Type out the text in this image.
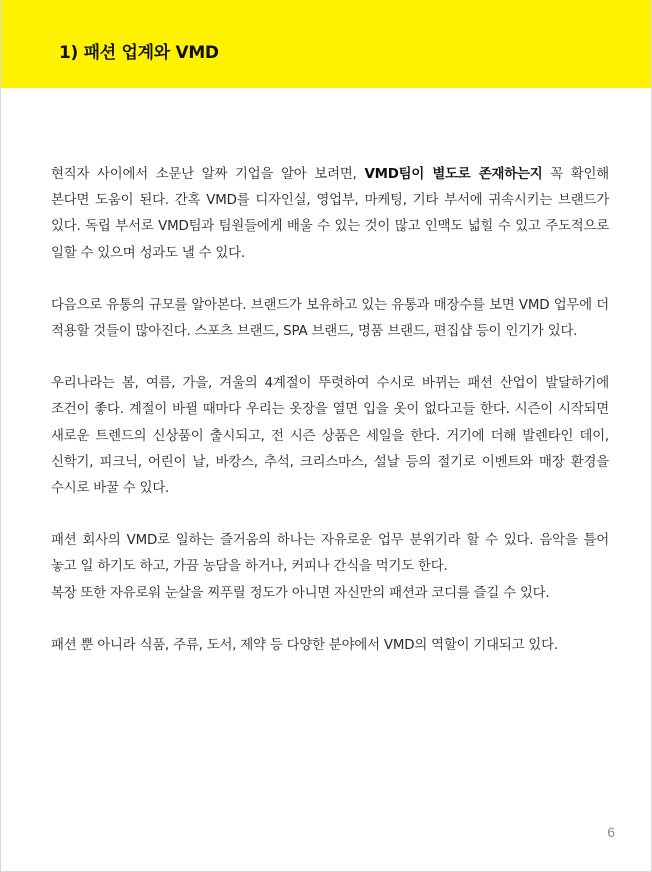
1) 패션 업계와 VMD

현직자 사이에서 소문난 알짜 기업을 알아 보려면, VMD팀이 별도로 존재하는지 꼭 확인해 본다면 도움이 된다. 간혹 VMD를 디자인실, 영업부, 마케팅, 기타 부서에 귀속시키는 브랜드가 있다. 독립 부서로 VMD팀과 팀원들에게 배울 수 있는 것이 많고 인맥도 넓힐 수 있고 주도적으로 일할 수 있으며 성과도 낼 수 있다.

다음으로 유통의 규모를 알아본다. 브랜드가 보유하고 있는 유통과 매장수를 보면 VMD 업무에 더 적용할 것들이 많아진다. 스포츠 브랜드, SPA 브랜드, 명품 브랜드, 편집샵 등이 인기가 있다.

우리나라는 봄, 여름, 가을, 겨울의 4계절이 뚜렷하여 수시로 바뀌는 패션 산업이 발달하기에 조건이 좋다. 계절이 바뀔 때마다 우리는 옷장을 열면 입을 옷이 없다고들 한다. 시즌이 시작되면 새로운 트렌드의 신상품이 출시되고, 전 시즌 상품은 세일을 한다. 거기에 더해 발렌타인 데이, 신학기, 피크닉, 어린이 날, 바캉스, 추석, 크리스마스, 설날 등의 절기로 이벤트와 매장 환경을 수시로 바꿀 수 있다.

패션 회사의 VMD로 일하는 즐거움의 하나는 자유로운 업무 분위기라 할 수 있다. 음악을 틀어 놓고 일 하기도 하고, 가끔 농담을 하거나, 커피나 간식을 먹기도 한다.
복장 또한 자유로워 눈살을 찌푸릴 정도가 아니면 자신만의 패션과 코디를 즐길 수 있다.

패션 뿐 아니라 식품, 주류, 도서, 제약 등 다양한 분야에서 VMD의 역할이 기대되고 있다.

6
